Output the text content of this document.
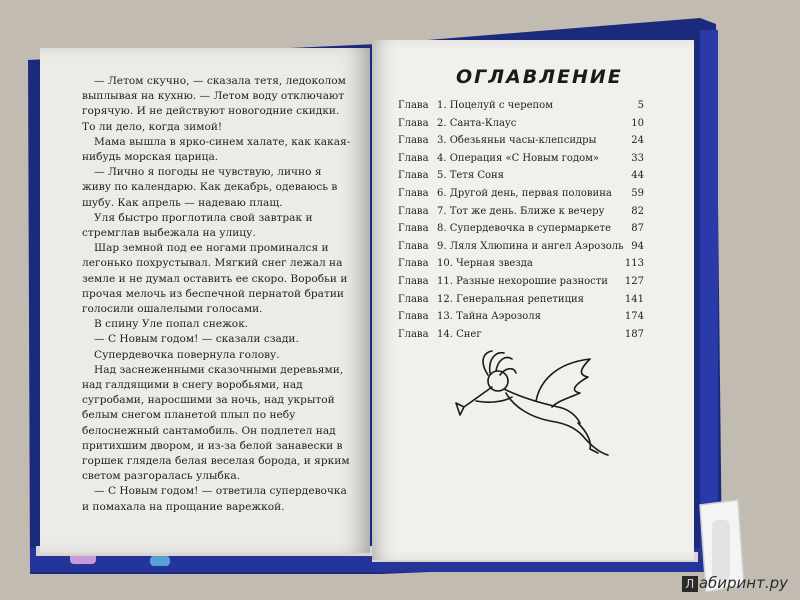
— Летом скучно, — сказала тетя, ледоколом выплывая на кухню. — Летом воду отключают горячую. И не действуют новогодние скидки. То ли дело, когда зимой!

Мама вышла в ярко-синем халате, как какая-нибудь морская царица.

— Лично я погоды не чувствую, лично я живу по календарю. Как декабрь, одеваюсь в шубу. Как апрель — надеваю плащ.

Уля быстро проглотила свой завтрак и стремглав выбежала на улицу.

Шар земной под ее ногами проминался и легонько похрустывал. Мягкий снег лежал на земле и не думал оставить ее скоро. Воробьи и прочая мелочь из беспечной пернатой братии голосили ошалелыми голосами.

В спину Уле попал снежок.

— С Новым годом! — сказали сзади.

Супердевочка повернула голову.

Над заснеженными сказочными деревьями, над галдящими в снегу воробьями, над сугробами, наросшими за ночь, над укрытой белым снегом планетой плыл по небу белоснежный сантамобиль. Он подлетел над притихшим двором, и из-за белой занавески в горшек глядела белая веселая борода, и ярким светом разгоралась улыбка.

— С Новым годом! — ответила супердевочка и помахала на прощание варежкой.

ОГЛАВЛЕНИЕ
Глава 1. Поцелуй с черепом	5
Глава 2. Санта-Клаус	10
Глава 3. Обезьяньи часы-клепсидры	24
Глава 4. Операция «С Новым годом»	33
Глава 5. Тетя Соня	44
Глава 6. Другой день, первая половина 59
Глава 7. Тот же день. Ближе к вечеру	82
Глава 8. Супердевочка в супермаркете 87
Глава 9. Ляля Хлюпина и ангел Аэрозоль 94
Глава 10. Черная звезда	113
Глава 11. Разные нехорошие разности 127
Глава 12. Генеральная репетиция	141
Глава 13. Тайна Аэрозоля	174
Глава 14. Снег	187
Л абиринт.ру
